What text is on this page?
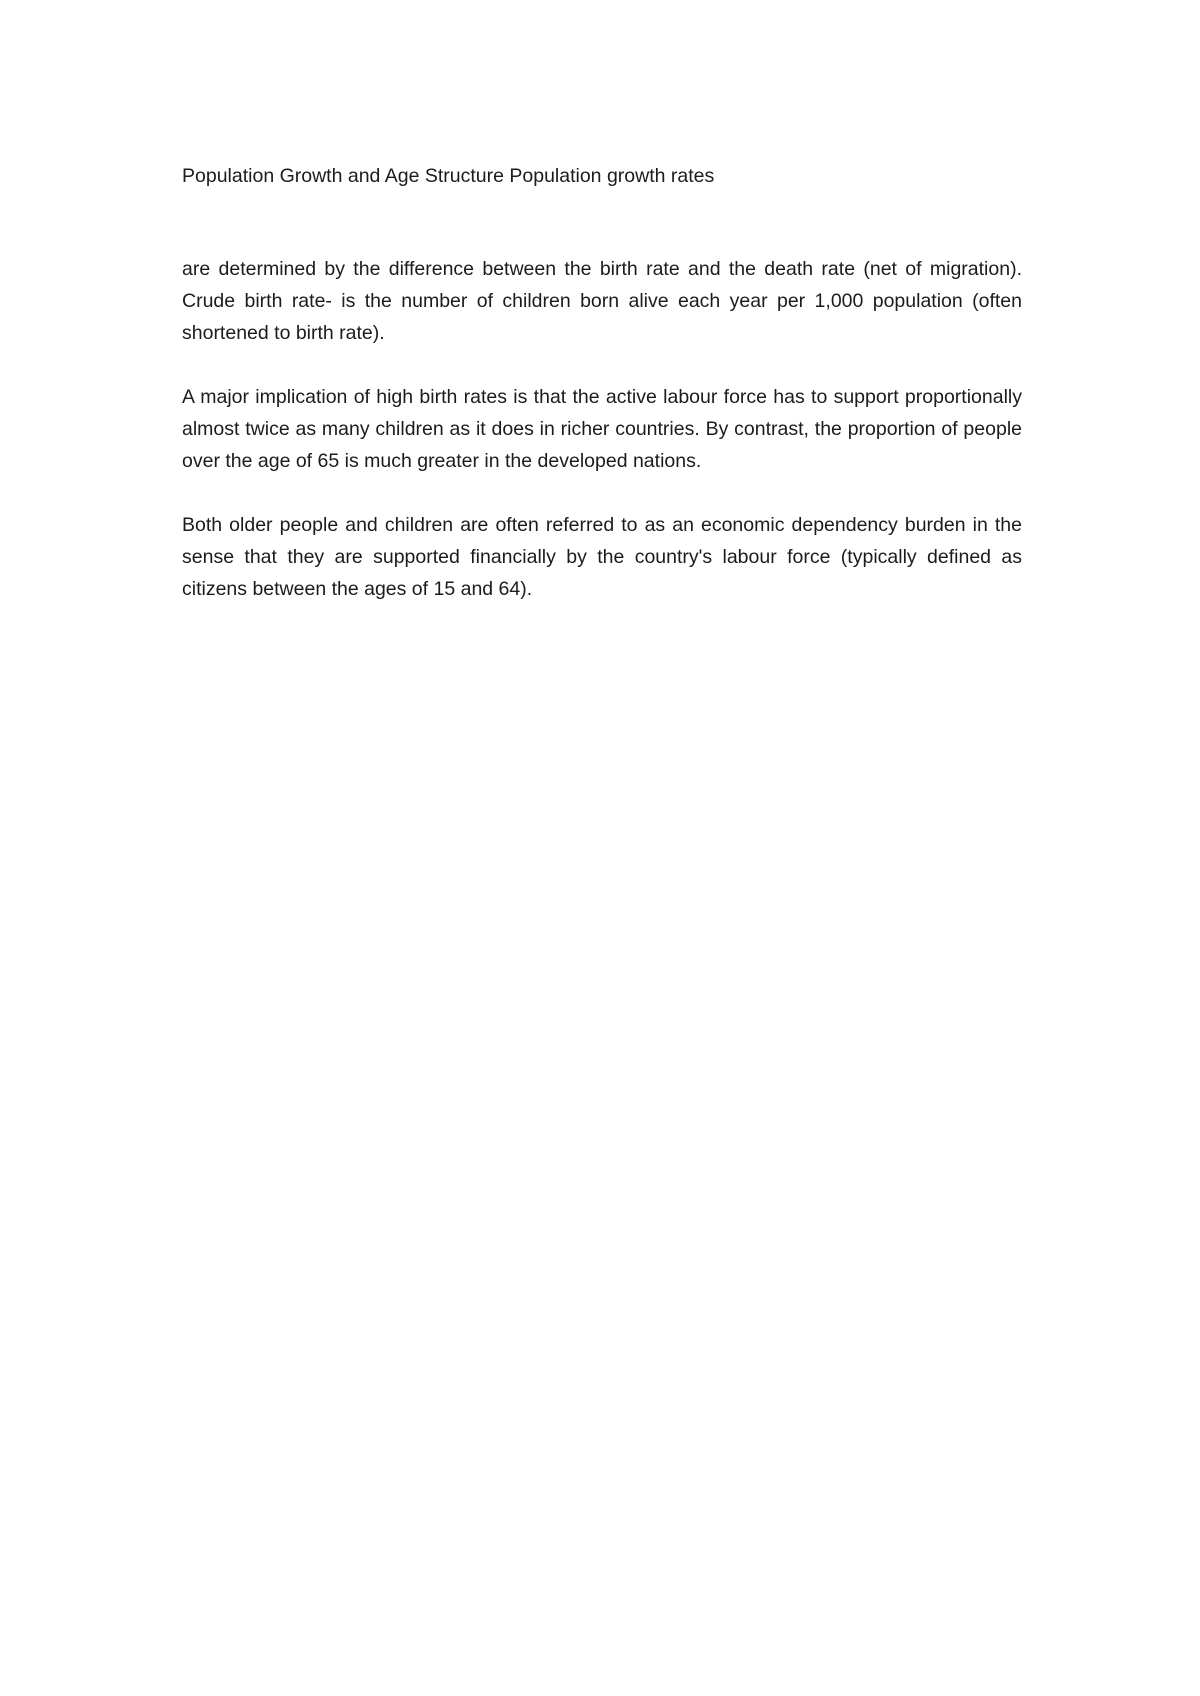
Population Growth and Age Structure Population growth rates

are determined by the difference between the birth rate and the death rate (net of migration). Crude birth rate- is the number of children born alive each year per 1,000 population (often shortened to birth rate).

A major implication of high birth rates is that the active labour force has to support proportionally almost twice as many children as it does in richer countries. By contrast, the proportion of people over the age of 65 is much greater in the developed nations.

Both older people and children are often referred to as an economic dependency burden in the sense that they are supported financially by the country's labour force (typically defined as citizens between the ages of 15 and 64).
